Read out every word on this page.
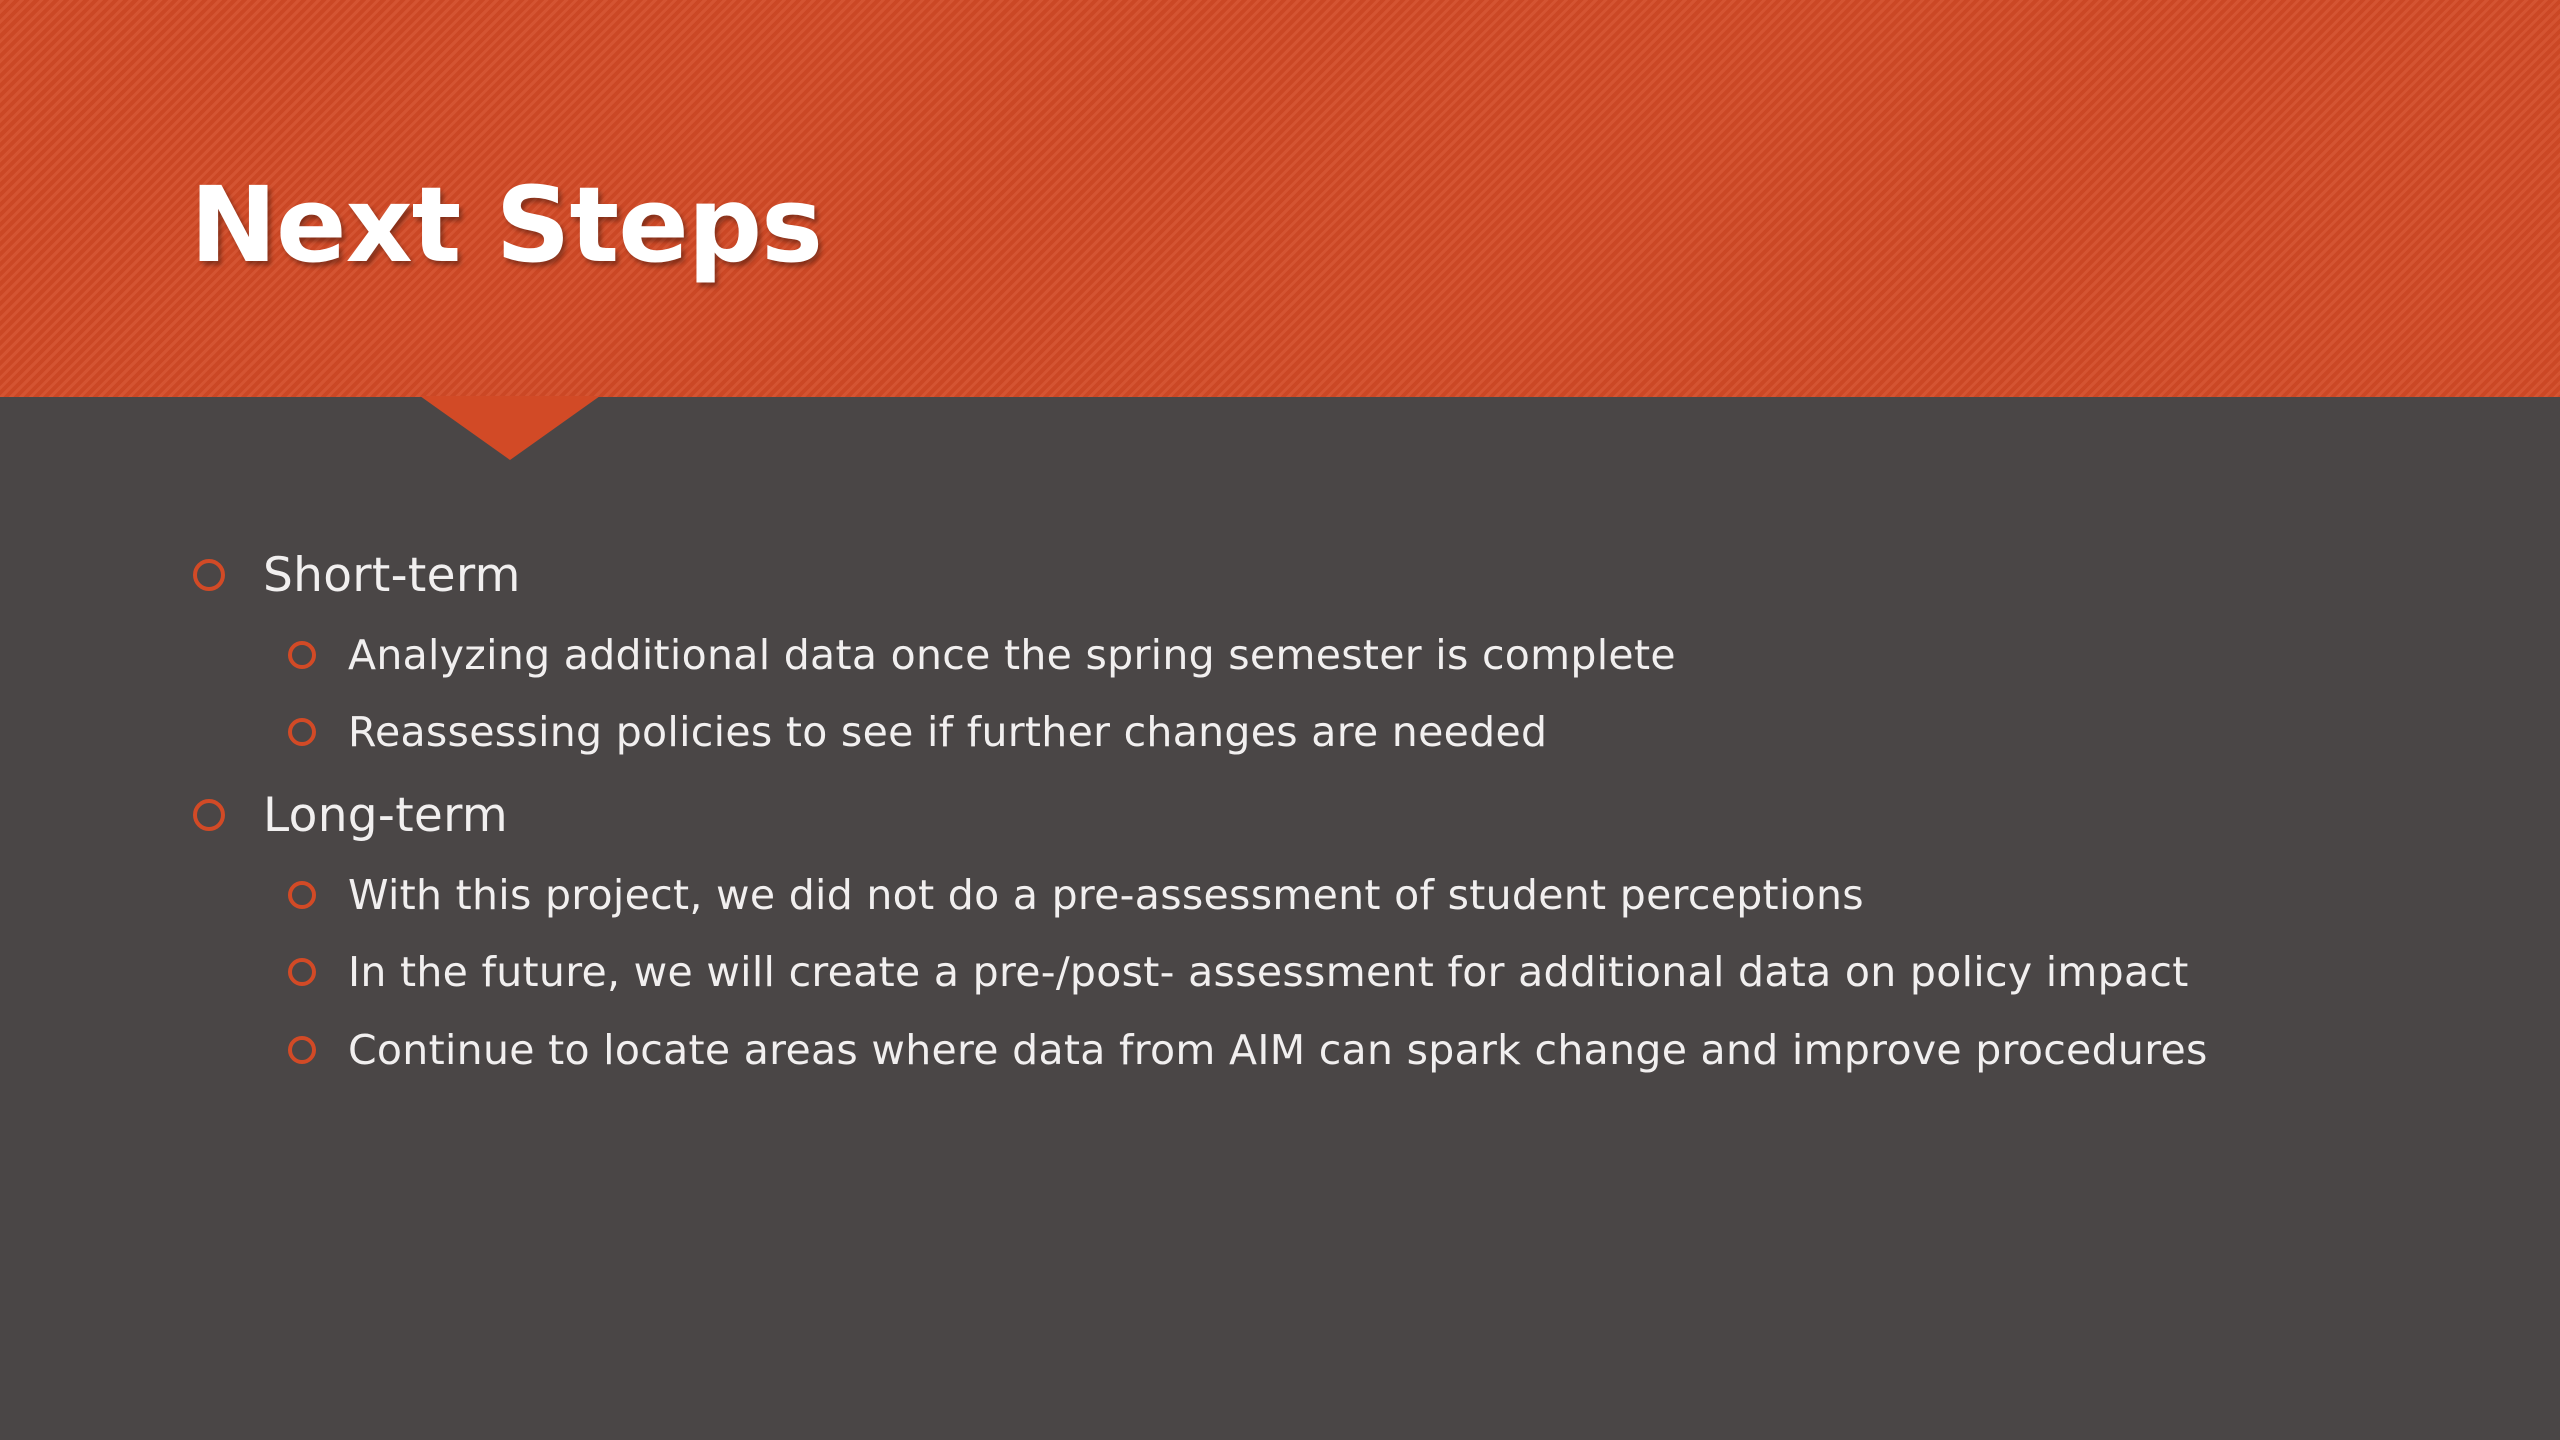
Next Steps
Short-term
Analyzing additional data once the spring semester is complete
Reassessing policies to see if further changes are needed
Long-term
With this project, we did not do a pre-assessment of student perceptions
In the future, we will create a pre-/post- assessment for additional data on policy impact
Continue to locate areas where data from AIM can spark change and improve procedures
